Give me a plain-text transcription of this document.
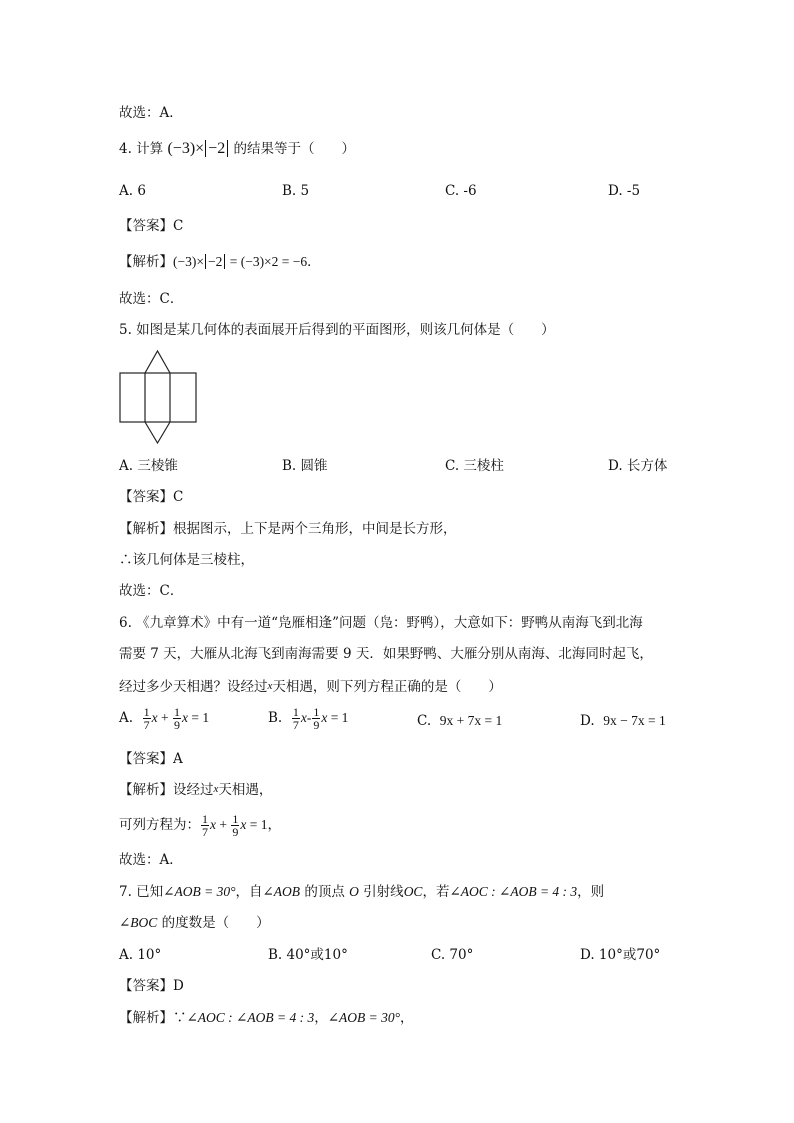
故选：A．
4. 计算 (−3)× −2 的结果等于（　　）
A. 6	B. 5	C. -6	D. -5
【答案】C
【解析】(−3)× −2 = (−3)×2 = −6．
故选：C．
5. 如图是某几何体的表面展开后得到的平面图形，则该几何体是（　　）
A. 三棱锥	B. 圆锥	C. 三棱柱	D. 长方体
【答案】C
【解析】根据图示，上下是两个三角形，中间是长方形，
∴该几何体是三棱柱，
故选：C．
6. 《九章算术》中有一道“凫雁相逢”问题（凫：野鸭），大意如下：野鸭从南海飞到北海
需要 7 天，大雁从北海飞到南海需要 9 天．如果野鸭、大雁分别从南海、北海同时起飞，
经过多少天相遇？设经过x天相遇，则下列方程正确的是（　　）
A. $\frac{1}{7}$ $x + \frac{1}{9}$ x = 1	B. $\frac{1}{7} x- \frac{1}{9}$ x = 1	C. 9x + 7x = 1	D. 9x − 7x = 1
【答案】A
【解析】设经过x天相遇，
可列方程为： $\frac{1}{7}$ $x + \frac{1}{9}$ x = 1，
故选：A．
7. 已知∠AOB = 30°，自∠AOB 的顶点 O 引射线OC，若∠AOC : ∠AOB = 4 : 3，则
∠BOC 的度数是（　　）
A. 10°	B. 40°或10°	C. 70°	D. 10°或70°
【答案】D
【解析】∵∠AOC : ∠AOB = 4 : 3，∠AOB = 30°，
